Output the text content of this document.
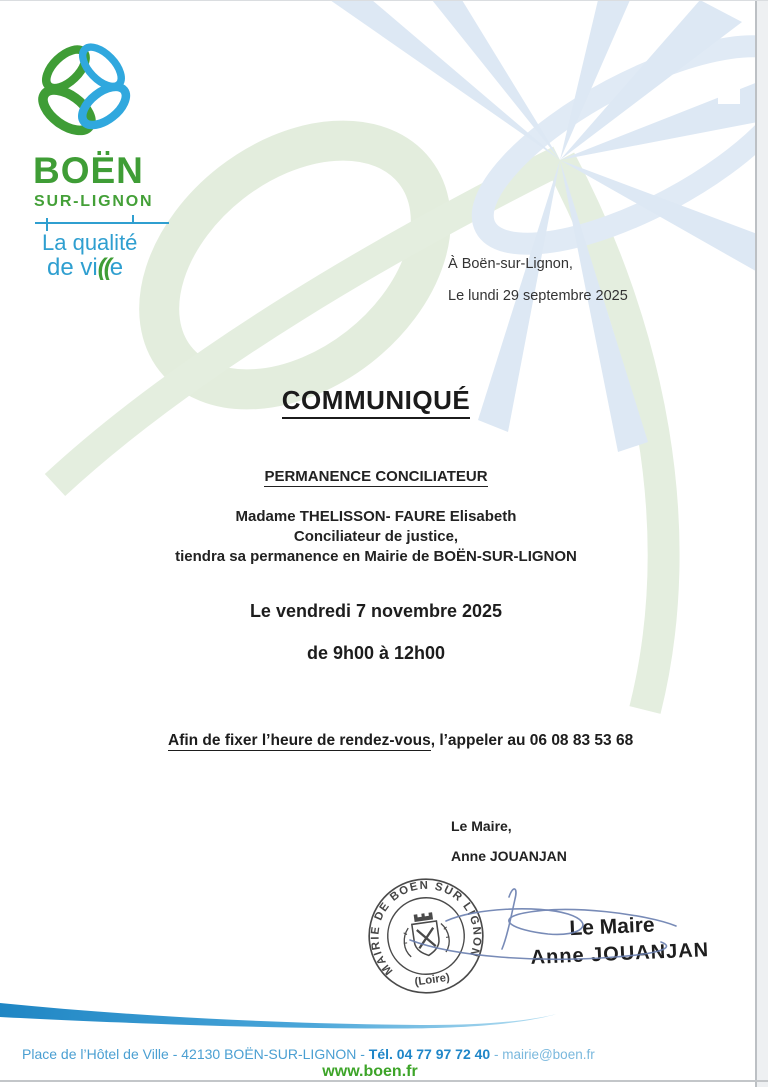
BOËN
SUR-LIGNON
La qualité
de vi((e	À Boën-sur-Lignon,
Le lundi 29 septembre 2025
COMMUNIQUÉ
PERMANENCE CONCILIATEUR
Madame THELISSON- FAURE Elisabeth
Conciliateur de justice,
tiendra sa permanence en Mairie de BOËN-SUR-LIGNON
Le vendredi 7 novembre 2025
de 9h00 à 12h00
Afin de fixer l’heure de rendez-vous, l’appeler au 06 08 83 53 68
Le Maire,
Anne JOUANJAN
MAIRIE DE BOEN SUR LIGNON
(Loire)
Le Maire
Anne JOUANJAN
Place de l’Hôtel de Ville - 42130 BOËN-SUR-LIGNON - Tél. 04 77 97 72 40 - mairie@boen.fr
www.boen.fr
